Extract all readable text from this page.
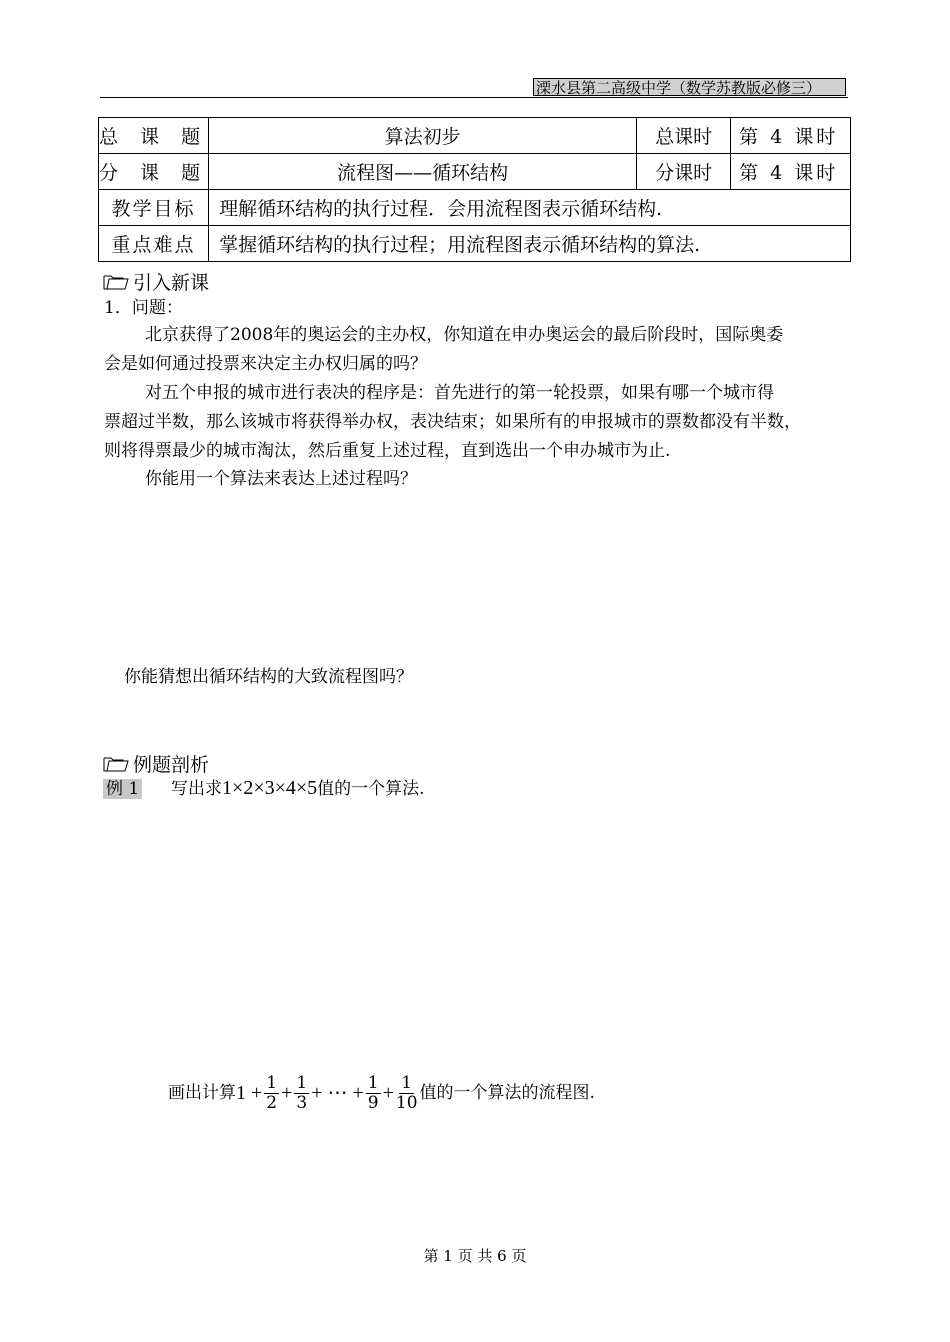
溧水县第二高级中学（数学苏教版必修三）
总 课 题	算法初步	总课时	第 4 课时
分 课 题	流程图——循环结构	分课时	第 4 课时
教学目标	理解循环结构的执行过程．会用流程图表示循环结构.		
重点难点	掌握循环结构的执行过程；用流程图表示循环结构的算法.		
引入新课
1．问题：
北京获得了2008年的奥运会的主办权，你知道在申办奥运会的最后阶段时，国际奥委
会是如何通过投票来决定主办权归属的吗？
对五个申报的城市进行表决的程序是：首先进行的第一轮投票，如果有哪一个城市得
票超过半数，那么该城市将获得举办权，表决结束；如果所有的申报城市的票数都没有半数，
则将得票最少的城市淘汰，然后重复上述过程，直到选出一个申办城市为止.
你能用一个算法来表达上述过程吗？
你能猜想出循环结构的大致流程图吗？
例题剖析
例 1 写出求1×2×3×4×5值的一个算法.
画出计算 $1 + \frac{1}{2} + \frac{1}{3}$ + ⋯ + $\frac{1}{9} + \frac{1}{10}$ 值的一个算法的流程图.
第 1 页 共 6 页
